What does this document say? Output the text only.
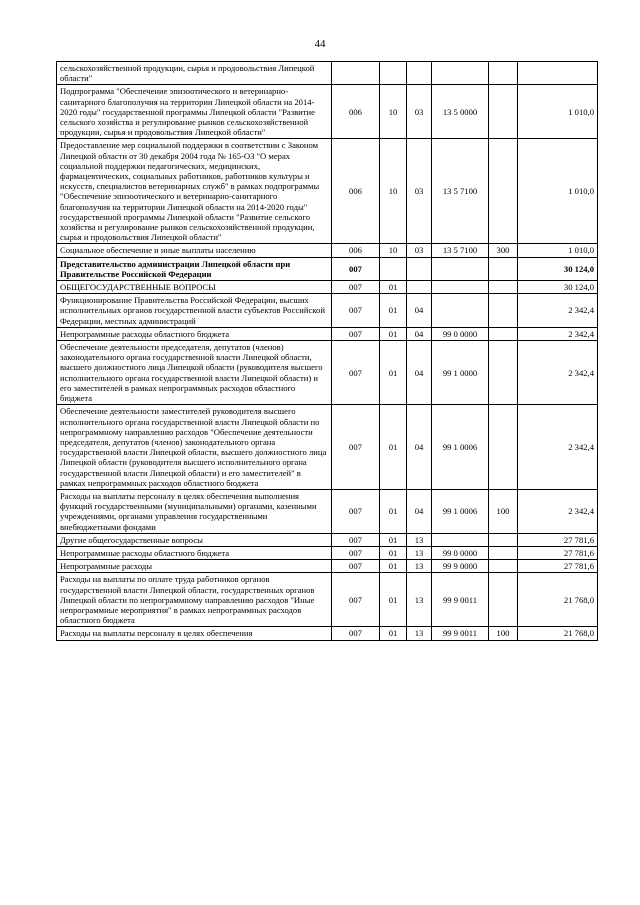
44
сельскохозяйственной продукции, сырья и продовольствия Липецкой области"						
Подпрограмма "Обеспечение эпизоотического и ветеринарно-санитарного благополучия на территории Липецкой области на 2014-2020 годы" государственной программы Липецкой области "Развитие сельского хозяйства и регулирование рынков сельскохозяйственной продукции, сырья и продовольствия Липецкой области"	006	10	03	13 5 0000		1 010,0
Предоставление мер социальной поддержки в соответствии с Законом Липецкой области от 30 декабря 2004 года № 165-ОЗ "О мерах социальной поддержки педагогических, медицинских, фармацевтических, социальных работников, работников культуры и искусств, специалистов ветеринарных служб" в рамках подпрограммы "Обеспечение эпизоотического и ветеринарно-санитарного благополучия на территории Липецкой области на 2014-2020 годы" государственной программы Липецкой области "Развитие сельского хозяйства и регулирование рынков сельскохозяйственной продукции, сырья и продовольствия Липецкой области"	006	10	03	13 5 7100		1 010,0
Социальное обеспечение и иные выплаты населению	006	10	03	13 5 7100	300	1 010,0
Представительство администрации Липецкой области при Правительстве Российской Федерации	007					30 124,0
ОБЩЕГОСУДАРСТВЕННЫЕ ВОПРОСЫ	007	01				30 124,0
Функционирование Правительства Российской Федерации, высших исполнительных органов государственной власти субъектов Российской Федерации, местных администраций	007	01	04			2 342,4
Непрограммные расходы областного бюджета	007	01	04	99 0 0000		2 342,4
Обеспечение деятельности председателя, депутатов (членов) законодательного органа государственной власти Липецкой области, высшего должностного лица Липецкой области (руководителя высшего исполнительного органа государственной власти Липецкой области) и его заместителей в рамках непрограммных расходов областного бюджета	007	01	04	99 1 0000		2 342,4
Обеспечение деятельности заместителей руководителя высшего исполнительного органа государственной власти Липецкой области по непрограммному направлению расходов "Обеспечение деятельности председателя, депутатов (членов) законодательного органа государственной власти Липецкой области, высшего должностного лица Липецкой области (руководителя высшего исполнительного органа государственной власти Липецкой области) и его заместителей" в рамках непрограммных расходов областного бюджета	007	01	04	99 1 0006		2 342,4
Расходы на выплаты персоналу в целях обеспечения выполнения функций государственными (муниципальными) органами, казенными учреждениями, органами управления государственными внебюджетными фондами	007	01	04	99 1 0006	100	2 342,4
Другие общегосударственные вопросы	007	01	13			27 781,6
Непрограммные расходы областного бюджета	007	01	13	99 0 0000		27 781,6
Непрограммные расходы	007	01	13	99 9 0000		27 781,6
Расходы на выплаты по оплате труда работников органов государственной власти Липецкой области, государственных органов Липецкой области по непрограммному направлению расходов "Иные непрограммные мероприятия" в рамках непрограммных расходов областного бюджета	007	01	13	99 9 0011		21 768,0
Расходы на выплаты персоналу в целях обеспечения	007	01	13	99 9 0011	100	21 768,0
